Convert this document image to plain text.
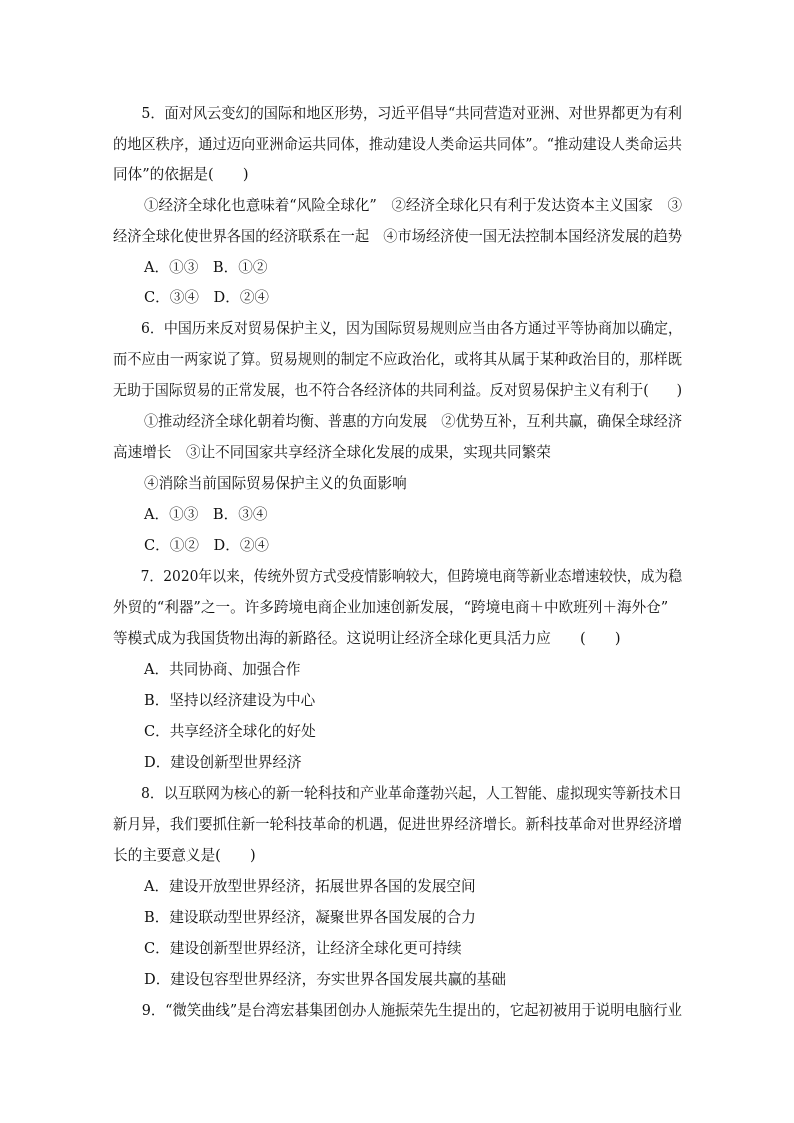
　　5．面对风云变幻的国际和地区形势，习近平倡导“共同营造对亚洲、对世界都更为有利
的地区秩序，通过迈向亚洲命运共同体，推动建设人类命运共同体”。“推动建设人类命运共
同体”的依据是(　　)
①经济全球化也意味着“风险全球化”　②经济全球化只有利于发达资本主义国家　③
经济全球化使世界各国的经济联系在一起　④市场经济使一国无法控制本国经济发展的趋势
A．①③　B．①②
C．③④　D．②④
　　6．中国历来反对贸易保护主义，因为国际贸易规则应当由各方通过平等协商加以确定，
而不应由一两家说了算。贸易规则的制定不应政治化，或将其从属于某种政治目的，那样既
无助于国际贸易的正常发展，也不符合各经济体的共同利益。反对贸易保护主义有利于(　　)
①推动经济全球化朝着均衡、普惠的方向发展　②优势互补，互利共赢，确保全球经济
高速增长　③让不同国家共享经济全球化发展的成果，实现共同繁荣
④消除当前国际贸易保护主义的负面影响
A．①③　B．③④
C．①②　D．②④
　　7．2020年以来，传统外贸方式受疫情影响较大，但跨境电商等新业态增速较快，成为稳
外贸的“利器”之一。许多跨境电商企业加速创新发展，“跨境电商＋中欧班列＋海外仓”
等模式成为我国货物出海的新路径。这说明让经济全球化更具活力应　　(　　)
A．共同协商、加强合作
B．坚持以经济建设为中心
C．共享经济全球化的好处
D．建设创新型世界经济
　　8．以互联网为核心的新一轮科技和产业革命蓬勃兴起，人工智能、虚拟现实等新技术日
新月异，我们要抓住新一轮科技革命的机遇，促进世界经济增长。新科技革命对世界经济增
长的主要意义是(　　)
A．建设开放型世界经济，拓展世界各国的发展空间
B．建设联动型世界经济，凝聚世界各国发展的合力
C．建设创新型世界经济，让经济全球化更可持续
D．建设包容型世界经济，夯实世界各国发展共赢的基础
　　9．“微笑曲线”是台湾宏碁集团创办人施振荣先生提出的，它起初被用于说明电脑行业
